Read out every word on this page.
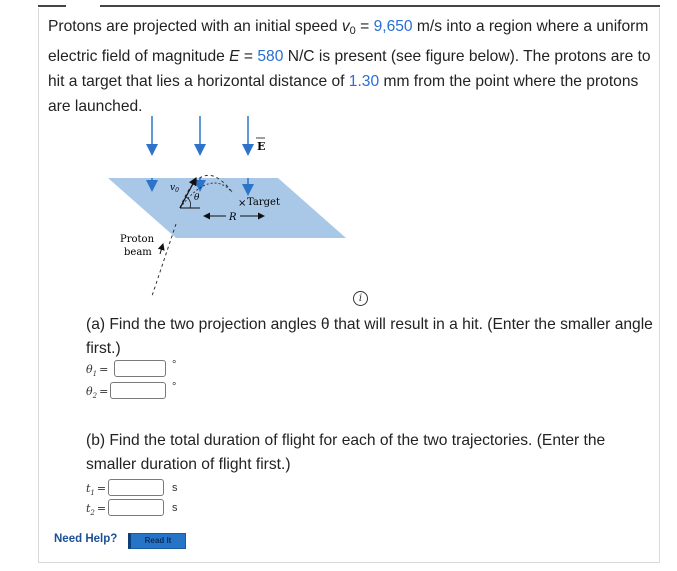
Protons are projected with an initial speed $v_0 = 9,650$ m/s into a region where a uniform electric field of magnitude E = 580 N/C is present (see figure below). The protons are to hit a target that lies a horizontal distance of 1.30 mm from the point where the protons are launched.
E
$v_0$
θ	× Target
R
Proton
beam
i
(a) Find the two projection angles θ that will result in a hit. (Enter the smaller angle first.)
$\theta_1$ =	°
$\theta_2$ =	°
(b) Find the total duration of flight for each of the two trajectories. (Enter the smaller duration of flight first.)
$t_1$ =	s
$t_2$ =	s
Need Help?	Read It
